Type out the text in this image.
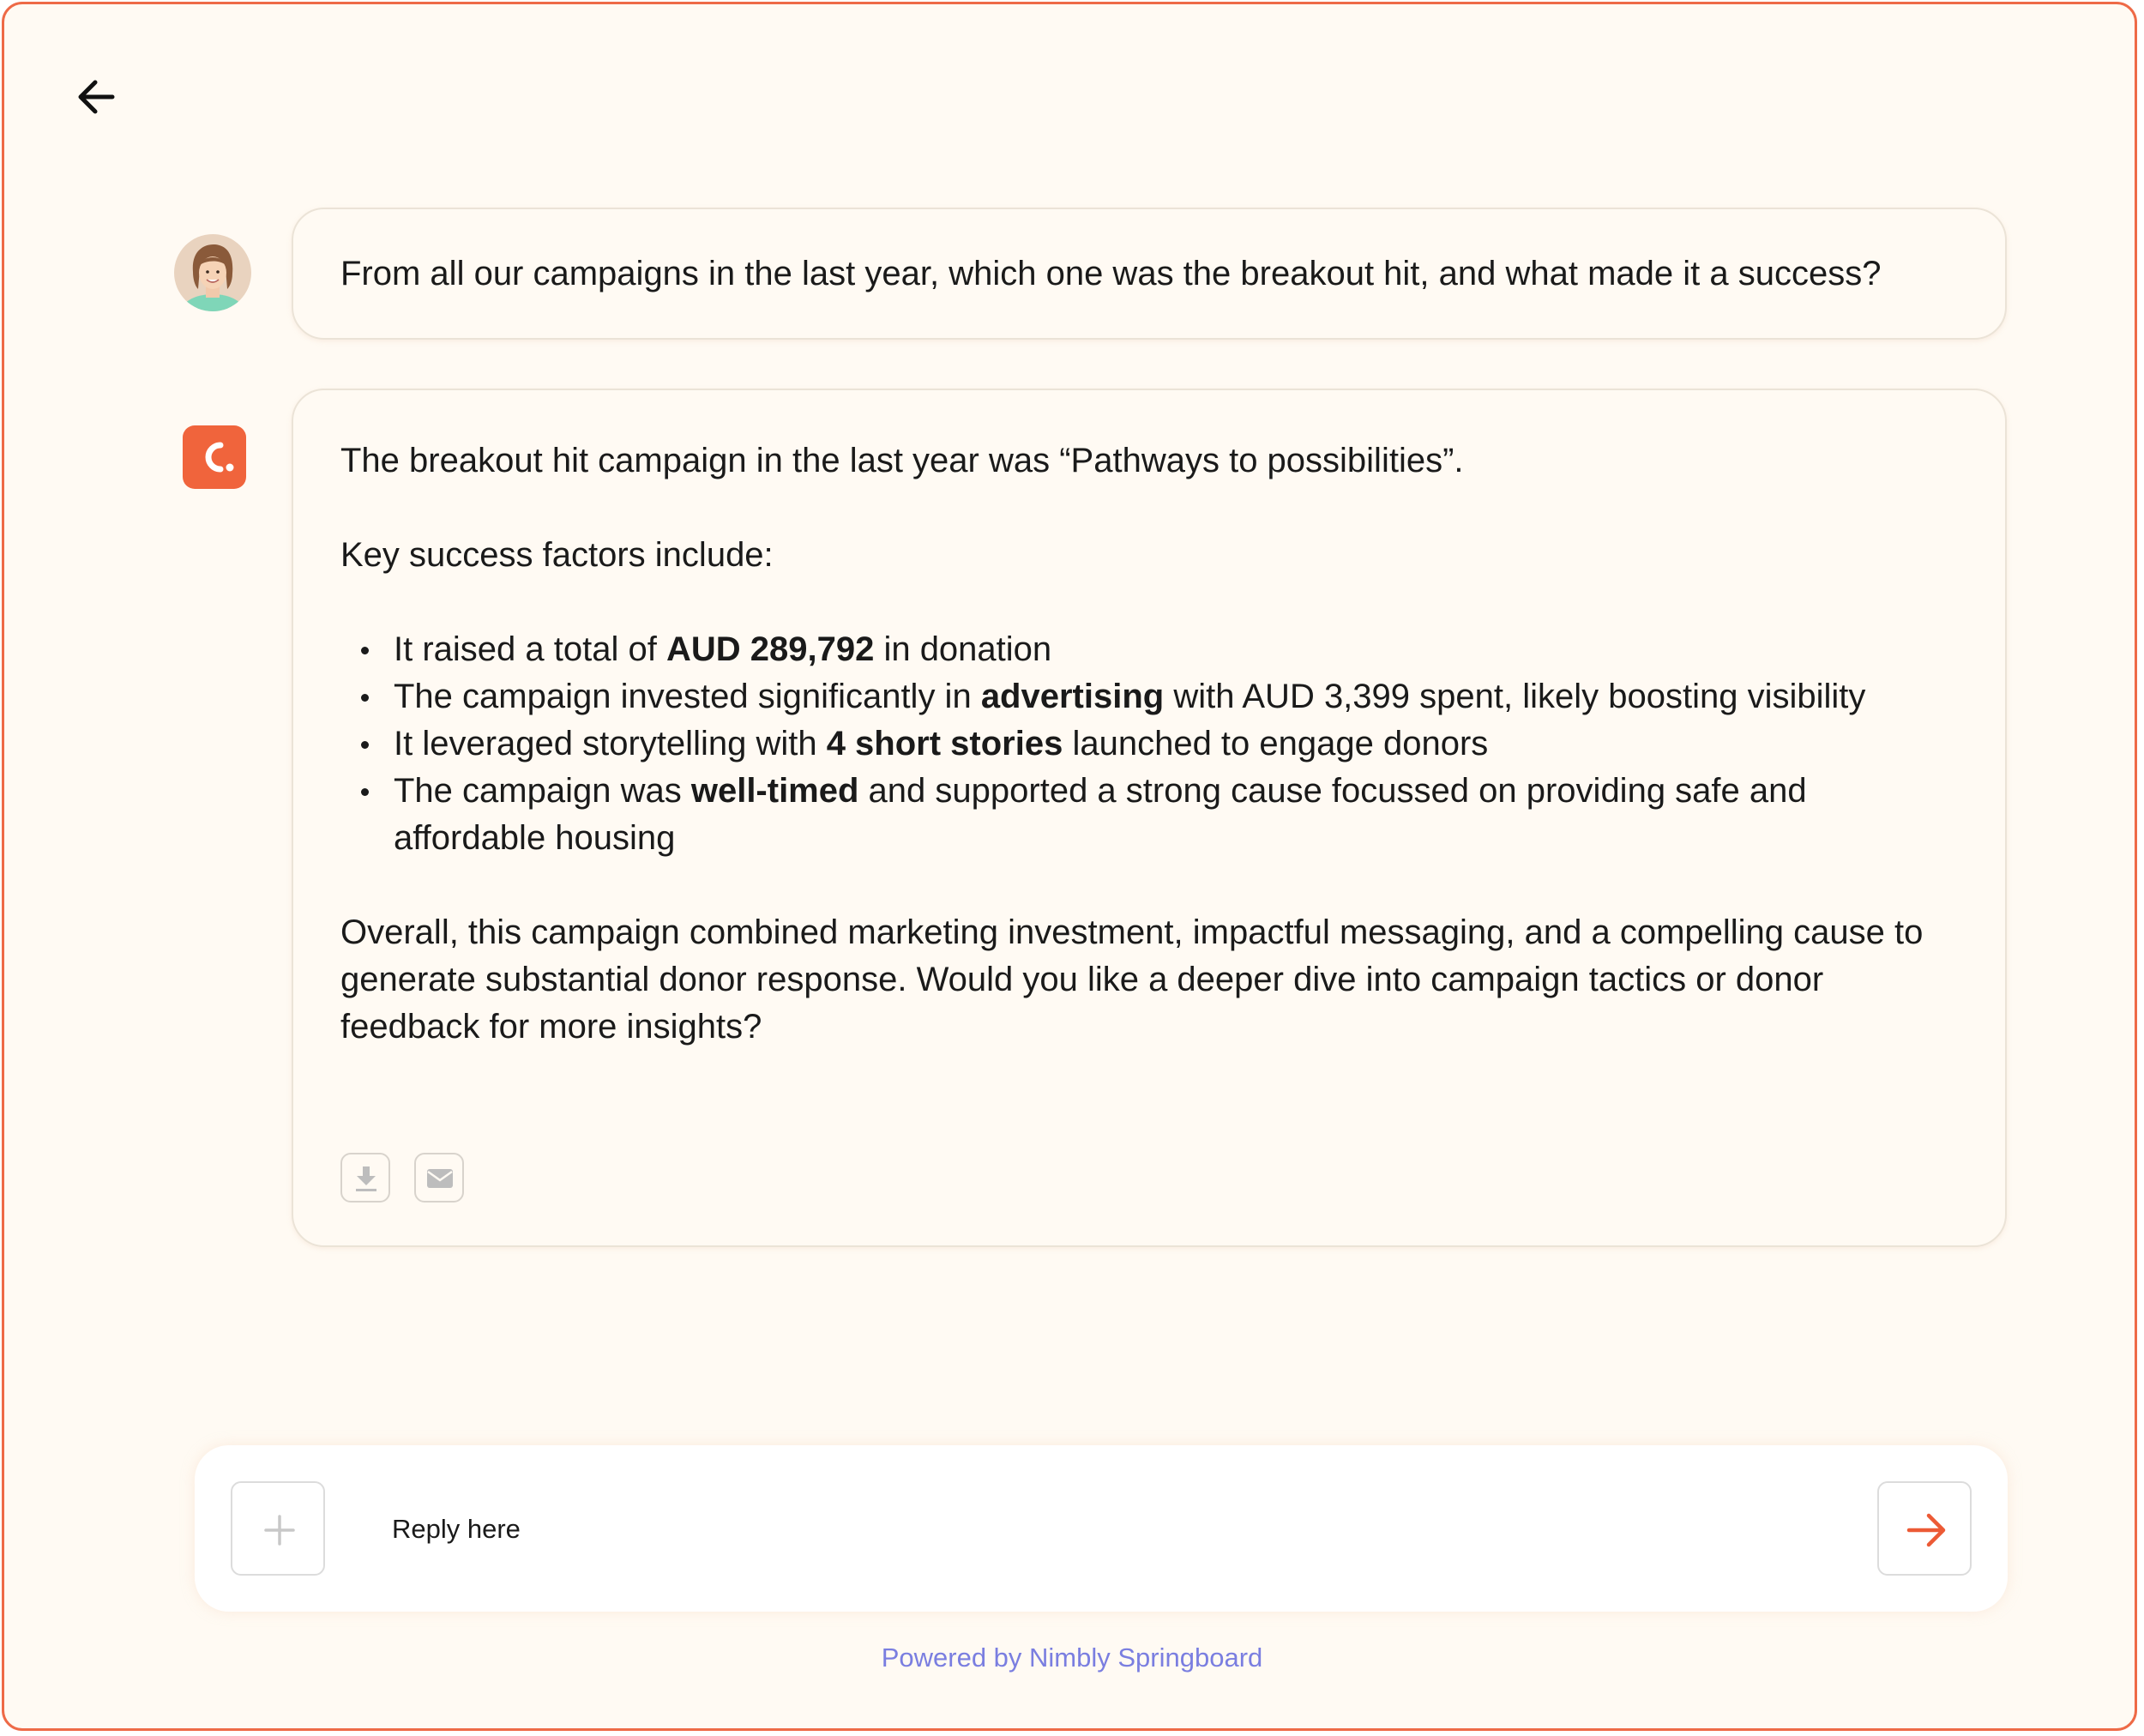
From all our campaigns in the last year, which one was the breakout hit, and what made it a success?

The breakout hit campaign in the last year was “Pathways to possibilities”.

Key success factors include:

It raised a total of AUD 289,792 in donation
The campaign invested significantly in advertising with AUD 3,399 spent, likely boosting visibility
It leveraged storytelling with 4 short stories launched to engage donors
The campaign was well-timed and supported a strong cause focussed on providing safe and affordable housing

Overall, this campaign combined marketing investment, impactful messaging, and a compelling cause to generate substantial donor response. Would you like a deeper dive into campaign tactics or donor feedback for more insights?

Reply here
Powered by Nimbly Springboard
